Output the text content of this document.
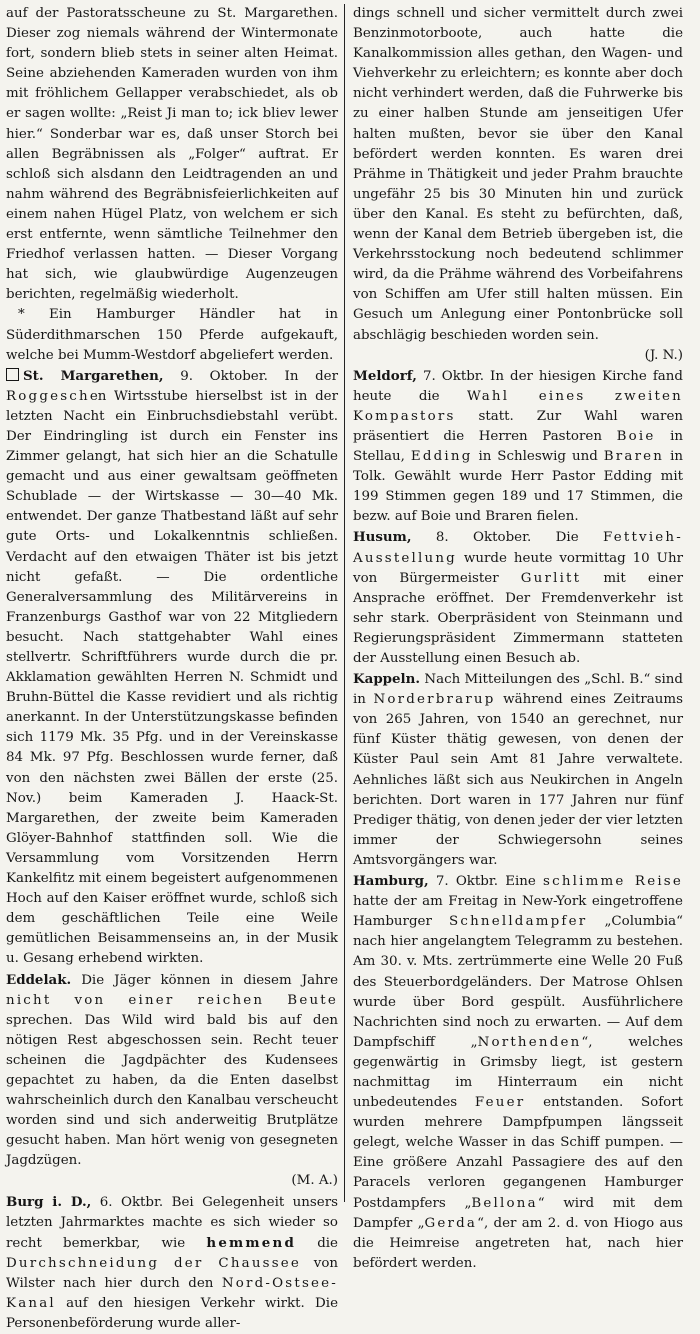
auf der Pastoratsscheune zu St. Margarethen. Dieser zog niemals während der Wintermonate fort, sondern blieb stets in seiner alten Heimat. Seine abziehenden Kameraden wurden von ihm mit fröhlichem Gellapper verabschiedet, als ob er sagen wollte: „Reist Ji man to; ick bliev lewer hier.“ Sonderbar war es, daß unser Storch bei allen Begräbnissen als „Folger“ auftrat. Er schloß sich alsdann den Leidtragenden an und nahm während des Begräbnisfeierlichkeiten auf einem nahen Hügel Platz, von welchem er sich erst entfernte, wenn sämtliche Teilnehmer den Friedhof verlassen hatten. — Dieser Vorgang hat sich, wie glaubwürdige Augenzeugen berichten, regelmäßig wiederholt.

* Ein Hamburger Händler hat in Süderdithmarschen 150 Pferde aufgekauft, welche bei Mumm-Westdorf abgeliefert werden.

St. Margarethen, 9. Oktober. In der Roggeschen Wirtsstube hierselbst ist in der letzten Nacht ein Einbruchsdiebstahl verübt. Der Eindringling ist durch ein Fenster ins Zimmer gelangt, hat sich hier an die Schatulle gemacht und aus einer gewaltsam geöffneten Schublade — der Wirtskasse — 30—40 Mk. entwendet. Der ganze Thatbestand läßt auf sehr gute Orts- und Lokalkenntnis schließen. Verdacht auf den etwaigen Thäter ist bis jetzt nicht gefaßt. — Die ordentliche Generalversammlung des Militärvereins in Franzenburgs Gasthof war von 22 Mitgliedern besucht. Nach stattgehabter Wahl eines stellvertr. Schriftführers wurde durch die pr. Akklamation gewählten Herren N. Schmidt und Bruhn-Büttel die Kasse revidiert und als richtig anerkannt. In der Unterstützungskasse befinden sich 1179 Mk. 35 Pfg. und in der Vereinskasse 84 Mk. 97 Pfg. Beschlossen wurde ferner, daß von den nächsten zwei Bällen der erste (25. Nov.) beim Kameraden J. Haack-St. Margarethen, der zweite beim Kameraden Glöyer-Bahnhof stattfinden soll. Wie die Versammlung vom Vorsitzenden Herrn Kankelfitz mit einem begeistert aufgenommenen Hoch auf den Kaiser eröffnet wurde, schloß sich dem geschäftlichen Teile eine Weile gemütlichen Beisammenseins an, in der Musik u. Gesang erhebend wirkten.

Eddelak. Die Jäger können in diesem Jahre nicht von einer reichen Beute sprechen. Das Wild wird bald bis auf den nötigen Rest abgeschossen sein. Recht teuer scheinen die Jagdpächter des Kudensees gepachtet zu haben, da die Enten daselbst wahrscheinlich durch den Kanalbau verscheucht worden sind und sich anderweitig Brutplätze gesucht haben. Man hört wenig von gesegneten Jagdzügen.

(M. A.)

Burg i. D., 6. Oktbr. Bei Gelegenheit unsers letzten Jahrmarktes machte es sich wieder so recht bemerkbar, wie hemmend die Durchschneidung der Chaussee von Wilster nach hier durch den Nord-Ostsee-Kanal auf den hiesigen Verkehr wirkt. Die Personenbeförderung wurde aller-

dings schnell und sicher vermittelt durch zwei Benzinmotorboote, auch hatte die Kanalkommission alles gethan, den Wagen- und Viehverkehr zu erleichtern; es konnte aber doch nicht verhindert werden, daß die Fuhrwerke bis zu einer halben Stunde am jenseitigen Ufer halten mußten, bevor sie über den Kanal befördert werden konnten. Es waren drei Prähme in Thätigkeit und jeder Prahm brauchte ungefähr 25 bis 30 Minuten hin und zurück über den Kanal. Es steht zu befürchten, daß, wenn der Kanal dem Betrieb übergeben ist, die Verkehrsstockung noch bedeutend schlimmer wird, da die Prähme während des Vorbeifahrens von Schiffen am Ufer still halten müssen. Ein Gesuch um Anlegung einer Pontonbrücke soll abschlägig beschieden worden sein.

(J. N.)

Meldorf, 7. Oktbr. In der hiesigen Kirche fand heute die Wahl eines zweiten Kompastors statt. Zur Wahl waren präsentiert die Herren Pastoren Boie in Stellau, Edding in Schleswig und Braren in Tolk. Gewählt wurde Herr Pastor Edding mit 199 Stimmen gegen 189 und 17 Stimmen, die bezw. auf Boie und Braren fielen.

Husum, 8. Oktober. Die Fettvieh-Ausstellung wurde heute vormittag 10 Uhr von Bürgermeister Gurlitt mit einer Ansprache eröffnet. Der Fremdenverkehr ist sehr stark. Oberpräsident von Steinmann und Regierungspräsident Zimmermann statteten der Ausstellung einen Besuch ab.

Kappeln. Nach Mitteilungen des „Schl. B.“ sind in Norderbrarup während eines Zeitraums von 265 Jahren, von 1540 an gerechnet, nur fünf Küster thätig gewesen, von denen der Küster Paul sein Amt 81 Jahre verwaltete. Aehnliches läßt sich aus Neukirchen in Angeln berichten. Dort waren in 177 Jahren nur fünf Prediger thätig, von denen jeder der vier letzten immer der Schwiegersohn seines Amtsvorgängers war.

Hamburg, 7. Oktbr. Eine schlimme Reise hatte der am Freitag in New-York eingetroffene Hamburger Schnelldampfer „Columbia“ nach hier angelangtem Telegramm zu bestehen. Am 30. v. Mts. zertrümmerte eine Welle 20 Fuß des Steuerbordgeländers. Der Matrose Ohlsen wurde über Bord gespült. Ausführlichere Nachrichten sind noch zu erwarten. — Auf dem Dampfschiff „Northenden“, welches gegenwärtig in Grimsby liegt, ist gestern nachmittag im Hinterraum ein nicht unbedeutendes Feuer entstanden. Sofort wurden mehrere Dampfpumpen längsseit gelegt, welche Wasser in das Schiff pumpen. — Eine größere Anzahl Passagiere des auf den Paracels verloren gegangenen Hamburger Postdampfers „Bellona“ wird mit dem Dampfer „Gerda“, der am 2. d. von Hiogo aus die Heimreise angetreten hat, nach hier befördert werden.
